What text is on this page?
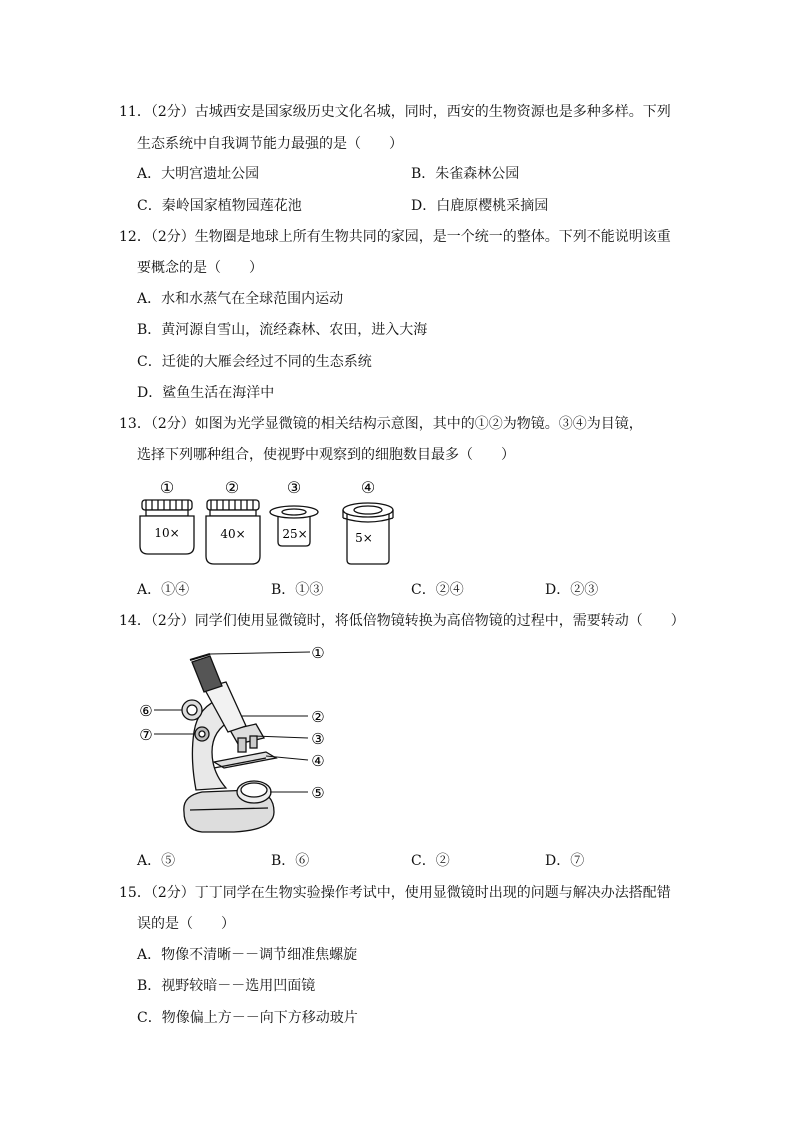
11．（2分）古城西安是国家级历史文化名城，同时，西安的生物资源也是多种多样。下列
生态系统中自我调节能力最强的是（　　）
A．大明宫遗址公园	B．朱雀森林公园
C．秦岭国家植物园莲花池	D．白鹿原樱桃采摘园
12．（2分）生物圈是地球上所有生物共同的家园，是一个统一的整体。下列不能说明该重
要概念的是（　　）
A．水和水蒸气在全球范围内运动
B．黄河源自雪山，流经森林、农田，进入大海
C．迁徙的大雁会经过不同的生态系统
D．鲨鱼生活在海洋中
13．（2分）如图为光学显微镜的相关结构示意图，其中的①②为物镜。③④为目镜，
选择下列哪种组合，使视野中观察到的细胞数目最多（　　）
①
10×
②
40×
③
25×
④
5×
A．①④	B．①③	C．②④	D．②③
14．（2分）同学们使用显微镜时，将低倍物镜转换为高倍物镜的过程中，需要转动（　　）
①
②
③
④
⑤
⑥
⑦
A．⑤	B．⑥	C．②	D．⑦
15．（2分）丁丁同学在生物实验操作考试中，使用显微镜时出现的问题与解决办法搭配错
误的是（　　）
A．物像不清晰－－调节细准焦螺旋
B．视野较暗－－选用凹面镜
C．物像偏上方－－向下方移动玻片
